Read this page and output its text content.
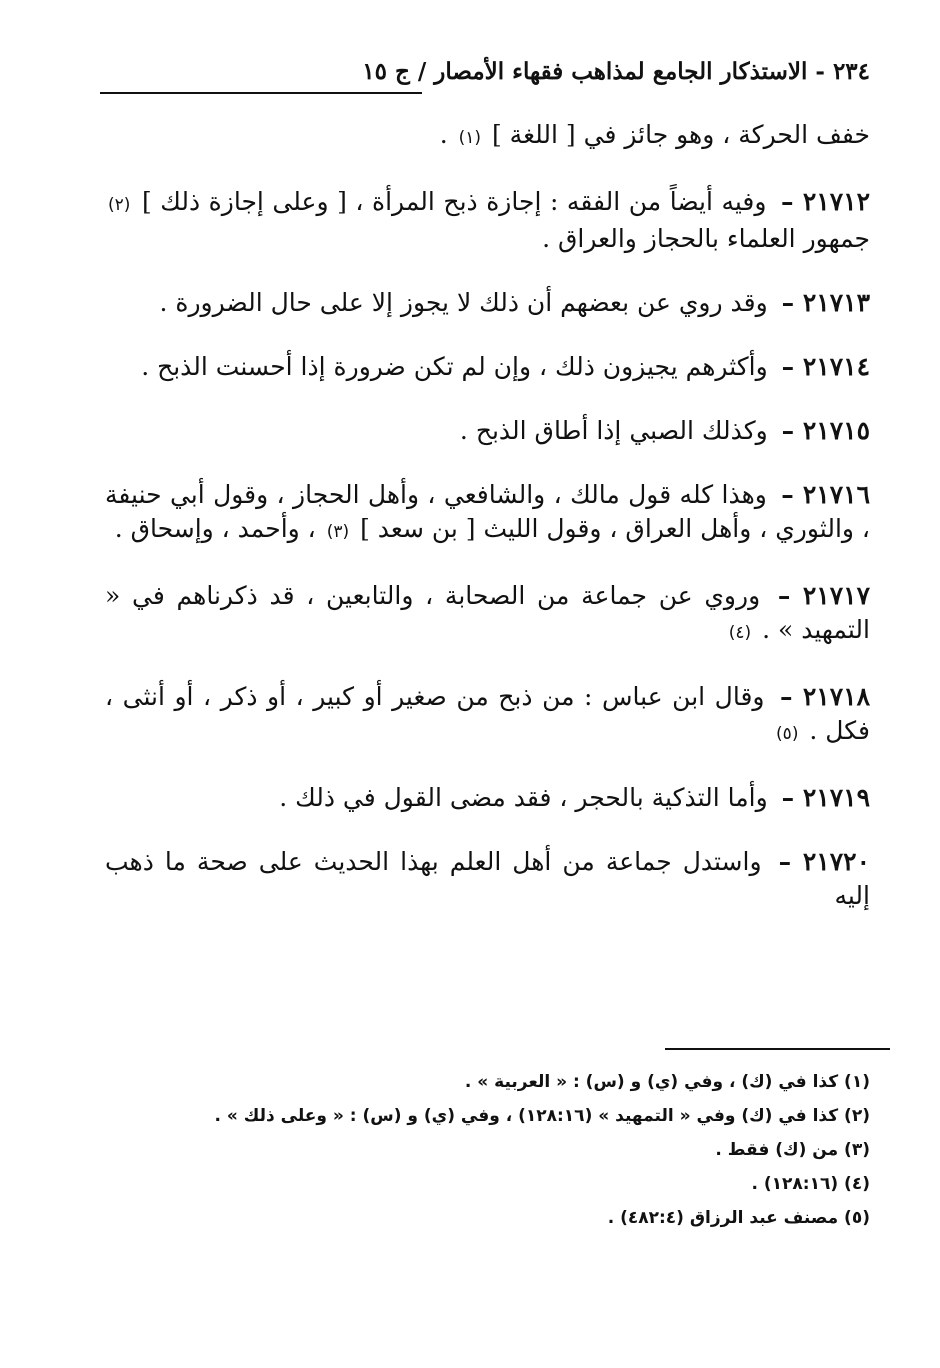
٢٣٤ - الاستذكار الجامع لمذاهب فقهاء الأمصار / ج ١٥

خفف الحركة ، وهو جائز في [ اللغة ] (١) .

٢١٧١٢ – وفيه أيضاً من الفقه : إجازة ذبح المرأة ، [ وعلى إجازة ذلك ] (٢) جمهور العلماء بالحجاز والعراق .

٢١٧١٣ – وقد روي عن بعضهم أن ذلك لا يجوز إلا على حال الضرورة .

٢١٧١٤ – وأكثرهم يجيزون ذلك ، وإن لم تكن ضرورة إذا أحسنت الذبح .

٢١٧١٥ – وكذلك الصبي إذا أطاق الذبح .

٢١٧١٦ – وهذا كله قول مالك ، والشافعي ، وأهل الحجاز ، وقول أبي حنيفة ، والثوري ، وأهل العراق ، وقول الليث [ بن سعد ] (٣) ، وأحمد ، وإسحاق .

٢١٧١٧ – وروي عن جماعة من الصحابة ، والتابعين ، قد ذكرناهم في « التمهيد » . (٤)

٢١٧١٨ – وقال ابن عباس : من ذبح من صغير أو كبير ، أو ذكر ، أو أنثى ، فكل . (٥)

٢١٧١٩ – وأما التذكية بالحجر ، فقد مضى القول في ذلك .

٢١٧٢٠ – واستدل جماعة من أهل العلم بهذا الحديث على صحة ما ذهب إليه

(١) كذا في (ك) ، وفي (ي) و (س) : « العربية » .

(٢) كذا في (ك) وفي « التمهيد » (١٢٨:١٦) ، وفي (ي) و (س) : « وعلى ذلك » .

(٣) من (ك) فقط .

(٤) (١٢٨:١٦) .

(٥) مصنف عبد الرزاق (٤٨٢:٤) .
